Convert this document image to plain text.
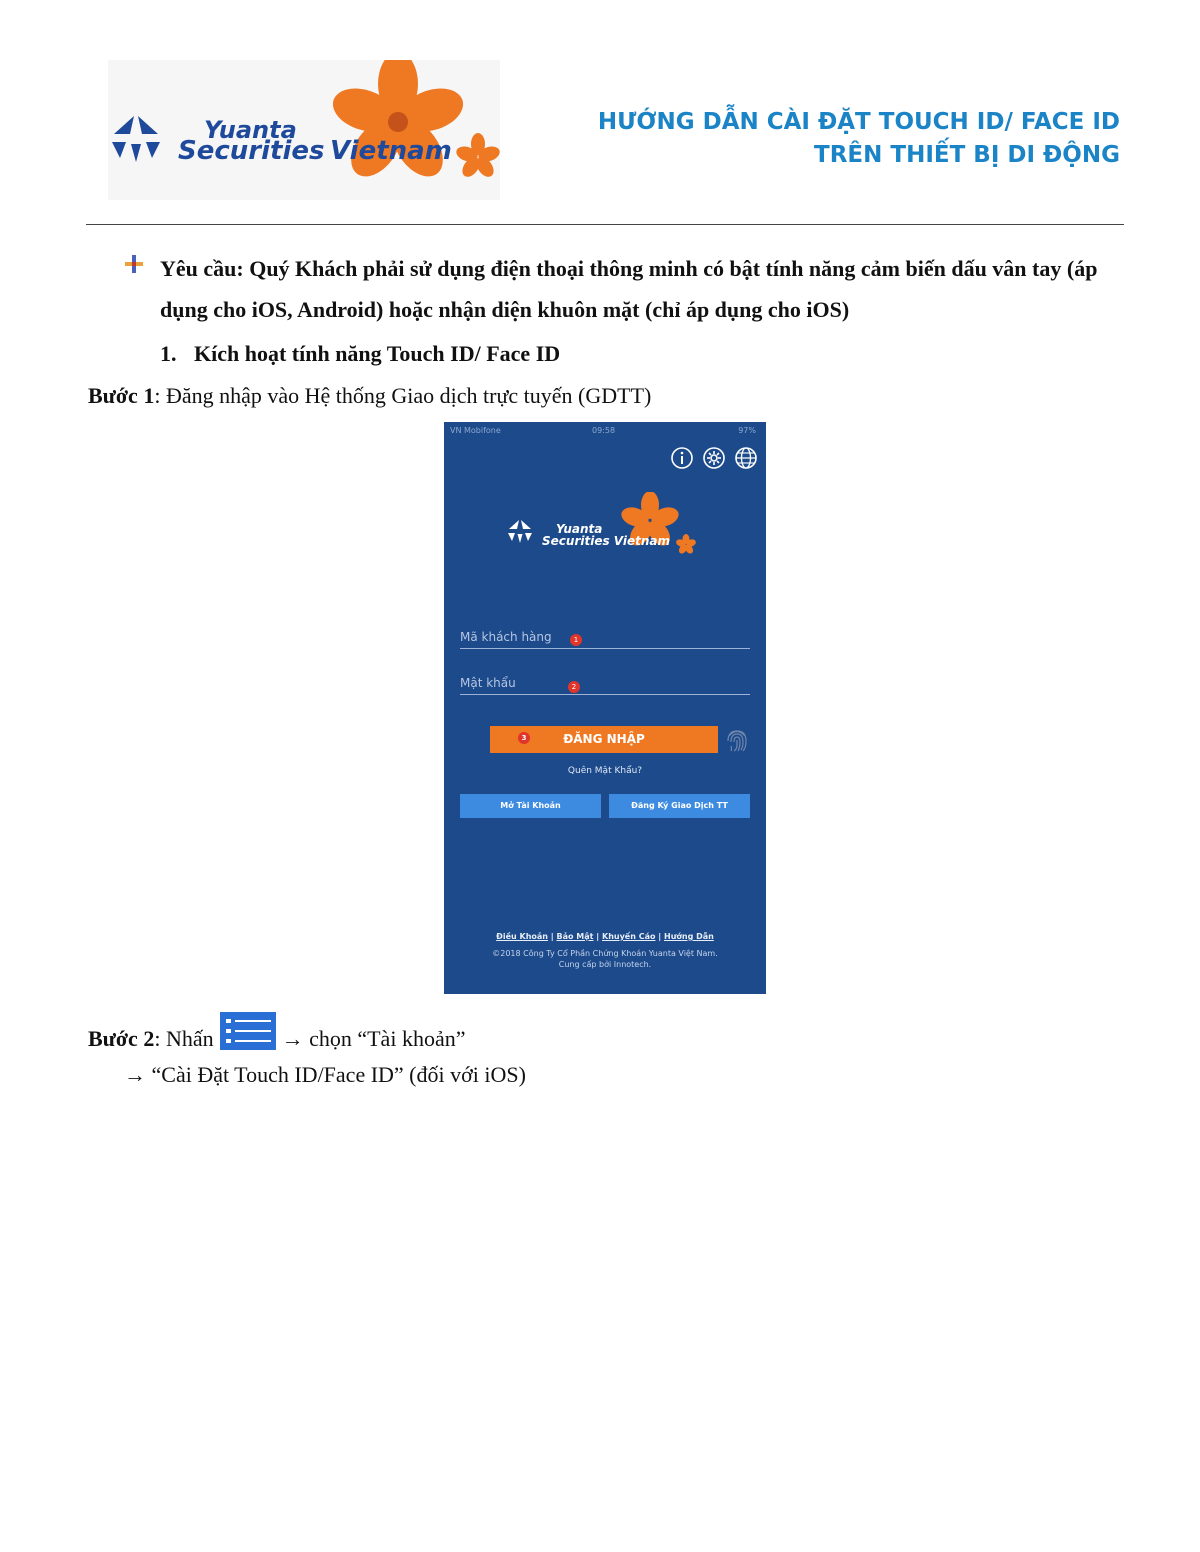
Yuanta
Securities Vietnam
HƯỚNG DẪN CÀI ĐẶT TOUCH ID/ FACE ID
TRÊN THIẾT BỊ DI ĐỘNG
Yêu cầu: Quý Khách phải sử dụng điện thoại thông minh có bật tính năng cảm biến dấu vân tay (áp dụng cho iOS, Android) hoặc nhận diện khuôn mặt (chỉ áp dụng cho iOS)
1. Kích hoạt tính năng Touch ID/ Face ID
Bước 1: Đăng nhập vào Hệ thống Giao dịch trực tuyến (GDTT)
VN Mobifone	09:58	97%
Yuanta
Securities Vietnam
Mã khách hàng	1
Mật khẩu	2
3	ĐĂNG NHẬP
Quên Mật Khẩu?
Mở Tài Khoản	Đăng Ký Giao Dịch TT
Điều Khoản | Bảo Mật | Khuyến Cáo | Hướng Dẫn
©2018 Công Ty Cổ Phần Chứng Khoán Yuanta Việt Nam.
Cung cấp bởi Innotech.
Bước 2 : Nhấn	→ chọn “Tài khoản”
→ “Cài Đặt Touch ID/Face ID” (đối với iOS)
